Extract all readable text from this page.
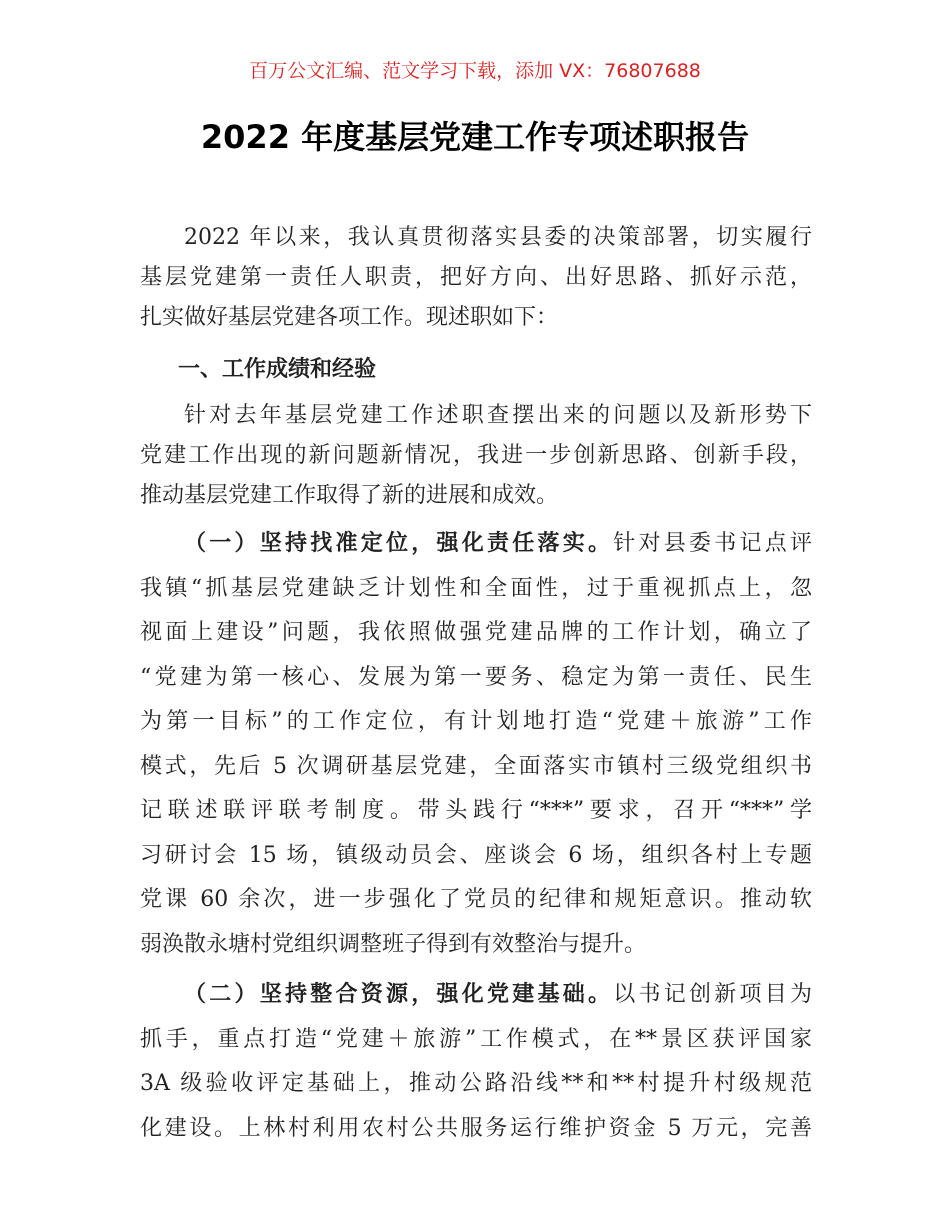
百万公文汇编、范文学习下载，添加 VX：76807688
2022 年度基层党建工作专项述职报告
2022 年以来，我认真贯彻落实县委的决策部署，切实履行
基层党建第一责任人职责，把好方向、出好思路、抓好示范，
扎实做好基层党建各项工作。现述职如下：
一、工作成绩和经验
针对去年基层党建工作述职查摆出来的问题以及新形势下
党建工作出现的新问题新情况，我进一步创新思路、创新手段，
推动基层党建工作取得了新的进展和成效。
（一）坚持找准定位，强化责任落实。针对县委书记点评
我镇“抓基层党建缺乏计划性和全面性，过于重视抓点上，忽
视面上建设”问题，我依照做强党建品牌的工作计划，确立了
“党建为第一核心、发展为第一要务、稳定为第一责任、民生
为第一目标”的工作定位，有计划地打造“党建＋旅游”工作
模式，先后 5 次调研基层党建，全面落实市镇村三级党组织书
记联述联评联考制度。带头践行“***”要求，召开“***”学
习研讨会 15 场，镇级动员会、座谈会 6 场，组织各村上专题
党课 60 余次，进一步强化了党员的纪律和规矩意识。推动软
弱涣散永塘村党组织调整班子得到有效整治与提升。
（二）坚持整合资源，强化党建基础。以书记创新项目为
抓手，重点打造“党建＋旅游”工作模式，在**景区获评国家
3A 级验收评定基础上，推动公路沿线**和**村提升村级规范
化建设。上林村利用农村公共服务运行维护资金 5 万元，完善
